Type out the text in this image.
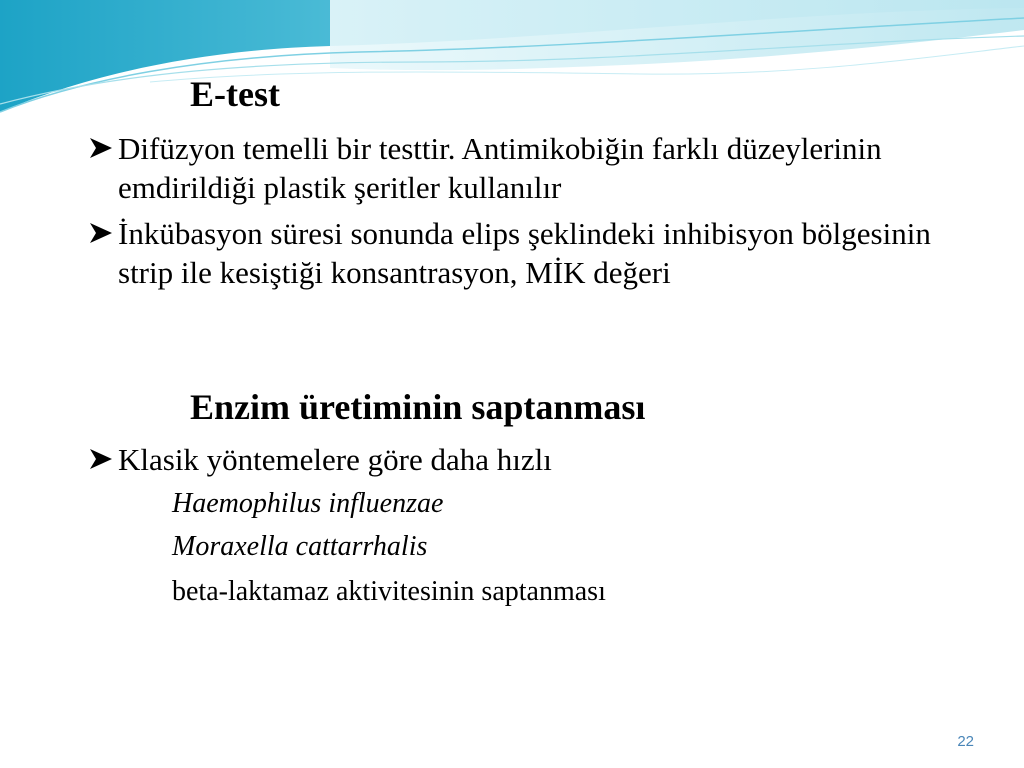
E-test
Difüzyon temelli bir testtir. Antimikobiğin farklı düzeylerinin emdirildiği plastik şeritler kullanılır
İnkübasyon süresi sonunda elips şeklindeki inhibisyon bölgesinin strip ile kesiştiği konsantrasyon, MİK değeri
Enzim üretiminin saptanması
Klasik yöntemelere göre daha hızlı
Haemophilus influenzae
Moraxella cattarrhalis
beta-laktamaz aktivitesinin saptanması
22
